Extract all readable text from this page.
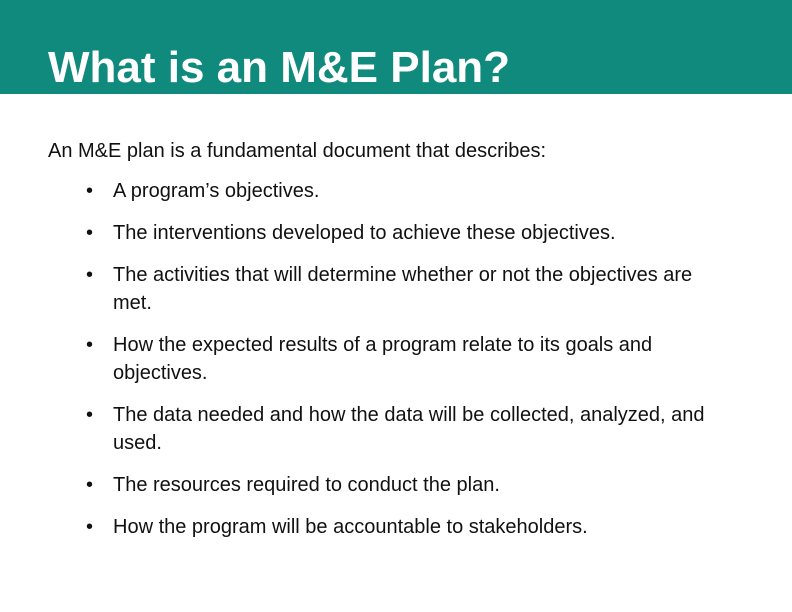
What is an M&E Plan?

An M&E plan is a fundamental document that describes:

• A program’s objectives.
• The interventions developed to achieve these objectives.
• The activities that will determine whether or not the objectives are met.
• How the expected results of a program relate to its goals and objectives.
• The data needed and how the data will be collected, analyzed, and used.
• The resources required to conduct the plan.
• How the program will be accountable to stakeholders.
